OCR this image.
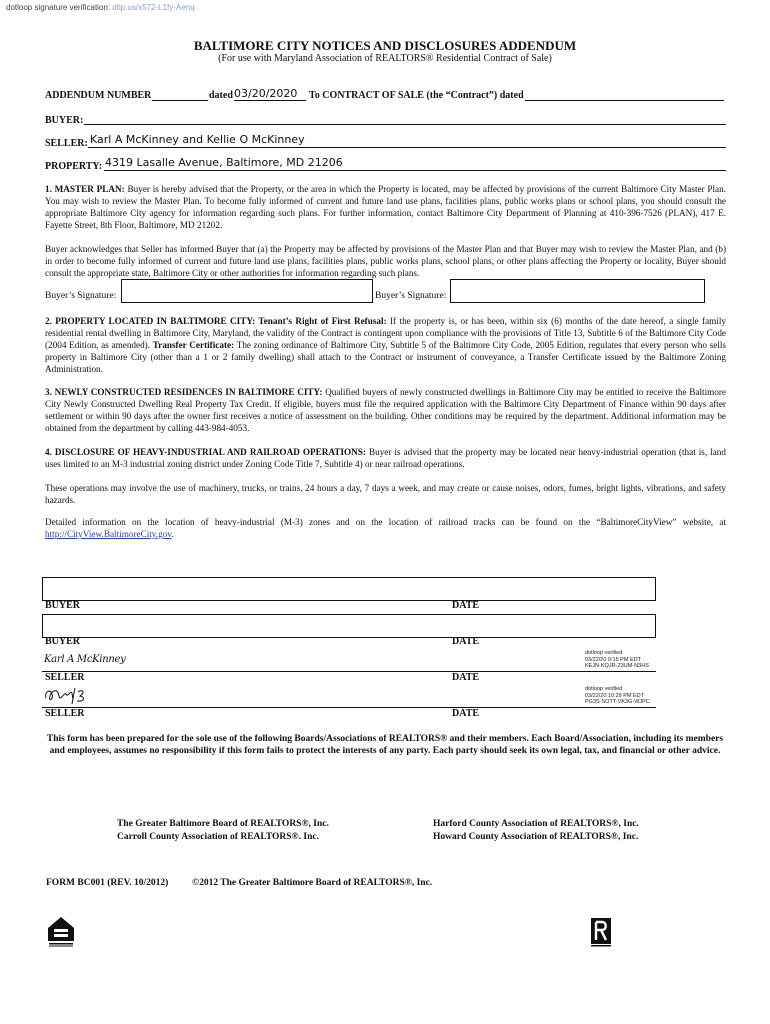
dotloop signature verification: dtlp.us/x572-L1fy-Aenq
BALTIMORE CITY NOTICES AND DISCLOSURES ADDENDUM
(For use with Maryland Association of REALTORS® Residential Contract of Sale)
ADDENDUM NUMBER	dated 03/20/2020 To CONTRACT OF SALE (the “Contract”) dated
BUYER:
SELLER: Karl A McKinney and Kellie O McKinney
PROPERTY: 4319 Lasalle Avenue, Baltimore, MD 21206
1. MASTER PLAN: Buyer is hereby advised that the Property, or the area in which the Property is located, may be affected by provisions of the current Baltimore City Master Plan. You may wish to review the Master Plan. To become fully informed of current and future land use plans, facilities plans, public works plans or school plans, you should consult the appropriate Baltimore City agency for information regarding such plans. For further information, contact Baltimore City Department of Planning at 410-396-7526 (PLAN), 417 E. Fayette Street, 8th Floor, Baltimore, MD 21202.
Buyer acknowledges that Seller has informed Buyer that (a) the Property may be affected by provisions of the Master Plan and that Buyer may wish to review the Master Plan, and (b) in order to become fully informed of current and future land use plans, facilities plans, public works plans, school plans, or other plans affecting the Property or locality, Buyer should consult the appropriate state, Baltimore City or other authorities for information regarding such plans.
Buyer’s Signature:	Buyer’s Signature:
2. PROPERTY LOCATED IN BALTIMORE CITY: Tenant’s Right of First Refusal: If the property is, or has been, within six (6) months of the date hereof, a single family residential rental dwelling in Baltimore City, Maryland, the validity of the Contract is contingent upon compliance with the provisions of Title 13, Subtitle 6 of the Baltimore City Code (2004 Edition, as amended). Transfer Certificate: The zoning ordinance of Baltimore City, Subtitle 5 of the Baltimore City Code, 2005 Edition, regulates that every person who sells property in Baltimore City (other than a 1 or 2 family dwelling) shall attach to the Contract or instrument of conveyance, a Transfer Certificate issued by the Baltimore Zoning Administration.
3. NEWLY CONSTRUCTED RESIDENCES IN BALTIMORE CITY: Qualified buyers of newly constructed dwellings in Baltimore City may be entitled to receive the Baltimore City Newly Constructed Dwelling Real Property Tax Credit. If eligible, buyers must file the required application with the Baltimore City Department of Finance within 90 days after settlement or within 90 days after the owner first receives a notice of assessment on the building. Other conditions may be required by the department. Additional information may be obtained from the department by calling 443-984-4053.
4. DISCLOSURE OF HEAVY-INDUSTRIAL AND RAILROAD OPERATIONS: Buyer is advised that the property may be located near heavy-industrial operation (that is, land uses limited to an M-3 industrial zoning district under Zoning Code Title 7, Subtitle 4) or near railroad operations.
These operations may involve the use of machinery, trucks, or trains, 24 hours a day, 7 days a week, and may create or cause noises, odors, fumes, bright lights, vibrations, and safety hazards.
Detailed information on the location of heavy-industrial (M-3) zones and on the location of railroad tracks can be found on the “BaltimoreCityView” website, at http://CityView.BaltimoreCity.gov.
BUYER	DATE
BUYER	DATE
Karl A McKinney
dotloop verified
03/22/20 9:15 PM EDT
KEJN-KQJR-Z3UM-N3HS
SELLER	DATE
dotloop verified
03/22/20 10:29 PM EDT
PG3S-SOTT-VK3G-WJPC
SELLER	DATE
This form has been prepared for the sole use of the following Boards/Associations of REALTORS® and their members. Each Board/Association, including its members and employees, assumes no responsibility if this form fails to protect the interests of any party. Each party should seek its own legal, tax, and financial or other advice.
The Greater Baltimore Board of REALTORS®, Inc.
Carroll County Association of REALTORS®. Inc.
Harford County Association of REALTORS®, Inc.
Howard County Association of REALTORS®, Inc.
FORM BC001 (REV. 10/2012) ©2012 The Greater Baltimore Board of REALTORS®, Inc.
